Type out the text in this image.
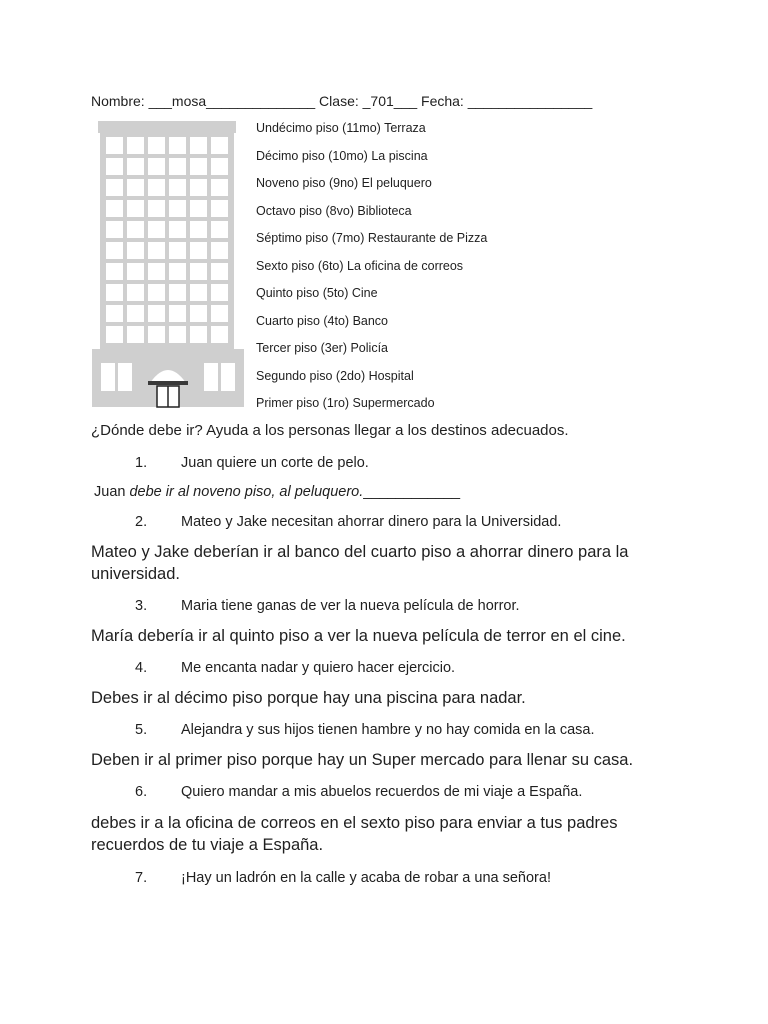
Nombre: ___mosa______________ Clase: _701___ Fecha: ________________
Undécimo piso (11mo) Terraza
Décimo piso (10mo) La piscina
Noveno piso (9no) El peluquero
Octavo piso (8vo) Biblioteca
Séptimo piso (7mo) Restaurante de Pizza
Sexto piso (6to) La oficina de correos
Quinto piso (5to) Cine
Cuarto piso (4to) Banco
Tercer piso (3er) Policía
Segundo piso (2do) Hospital
Primer piso (1ro) Supermercado
¿Dónde debe ir? Ayuda a los personas llegar a los destinos adecuados.
1. Juan quiere un corte de pelo.
Juan debe ir al noveno piso, al peluquero.____________
2. Mateo y Jake necesitan ahorrar dinero para la Universidad.
Mateo y Jake deberían ir al banco del cuarto piso a ahorrar dinero para la universidad.
3. Maria tiene ganas de ver la nueva película de horror.
María debería ir al quinto piso a ver la nueva película de terror en el cine.
4. Me encanta nadar y quiero hacer ejercicio.
Debes ir al décimo piso porque hay una piscina para nadar.
5. Alejandra y sus hijos tienen hambre y no hay comida en la casa.
Deben ir al primer piso porque hay un Super mercado para llenar su casa.
6. Quiero mandar a mis abuelos recuerdos de mi viaje a España.
debes ir a la oficina de correos en el sexto piso para enviar a tus padres recuerdos de tu viaje a España.
7. ¡Hay un ladrón en la calle y acaba de robar a una señora!
